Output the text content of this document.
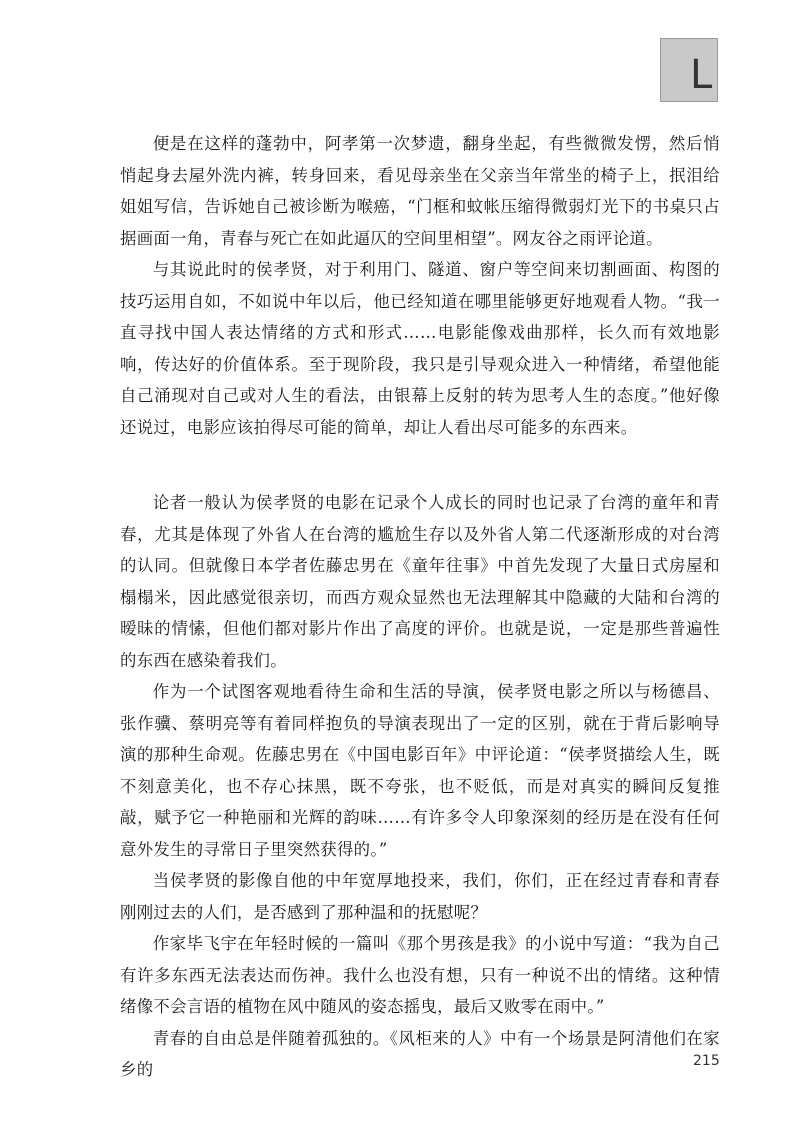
L

便是在这样的蓬勃中，阿孝第一次梦遗，翻身坐起，有些微微发愣，然后悄悄起身去屋外洗内裤，转身回来，看见母亲坐在父亲当年常坐的椅子上，抿泪给姐姐写信，告诉她自己被诊断为喉癌，“门框和蚊帐压缩得微弱灯光下的书桌只占据画面一角，青春与死亡在如此逼仄的空间里相望”。网友谷之雨评论道。

与其说此时的侯孝贤，对于利用门、隧道、窗户等空间来切割画面、构图的技巧运用自如，不如说中年以后，他已经知道在哪里能够更好地观看人物。“我一直寻找中国人表达情绪的方式和形式……电影能像戏曲那样，长久而有效地影响，传达好的价值体系。至于现阶段，我只是引导观众进入一种情绪，希望他能自己涌现对自己或对人生的看法，由银幕上反射的转为思考人生的态度。”他好像还说过，电影应该拍得尽可能的简单，却让人看出尽可能多的东西来。

论者一般认为侯孝贤的电影在记录个人成长的同时也记录了台湾的童年和青春，尤其是体现了外省人在台湾的尴尬生存以及外省人第二代逐渐形成的对台湾的认同。但就像日本学者佐藤忠男在《童年往事》中首先发现了大量日式房屋和榻榻米，因此感觉很亲切，而西方观众显然也无法理解其中隐藏的大陆和台湾的暧昧的情愫，但他们都对影片作出了高度的评价。也就是说，一定是那些普遍性的东西在感染着我们。

作为一个试图客观地看待生命和生活的导演，侯孝贤电影之所以与杨德昌、张作骥、蔡明亮等有着同样抱负的导演表现出了一定的区别，就在于背后影响导演的那种生命观。佐藤忠男在《中国电影百年》中评论道：“侯孝贤描绘人生，既不刻意美化，也不存心抹黑，既不夸张，也不贬低，而是对真实的瞬间反复推敲，赋予它一种艳丽和光辉的韵味……有许多令人印象深刻的经历是在没有任何意外发生的寻常日子里突然获得的。”

当侯孝贤的影像自他的中年宽厚地投来，我们，你们，正在经过青春和青春刚刚过去的人们，是否感到了那种温和的抚慰呢？

作家毕飞宇在年轻时候的一篇叫《那个男孩是我》的小说中写道：“我为自己有许多东西无法表达而伤神。我什么也没有想，只有一种说不出的情绪。这种情绪像不会言语的植物在风中随风的姿态摇曳，最后又败零在雨中。”

青春的自由总是伴随着孤独的。《风柜来的人》中有一个场景是阿清他们在家乡的	215
